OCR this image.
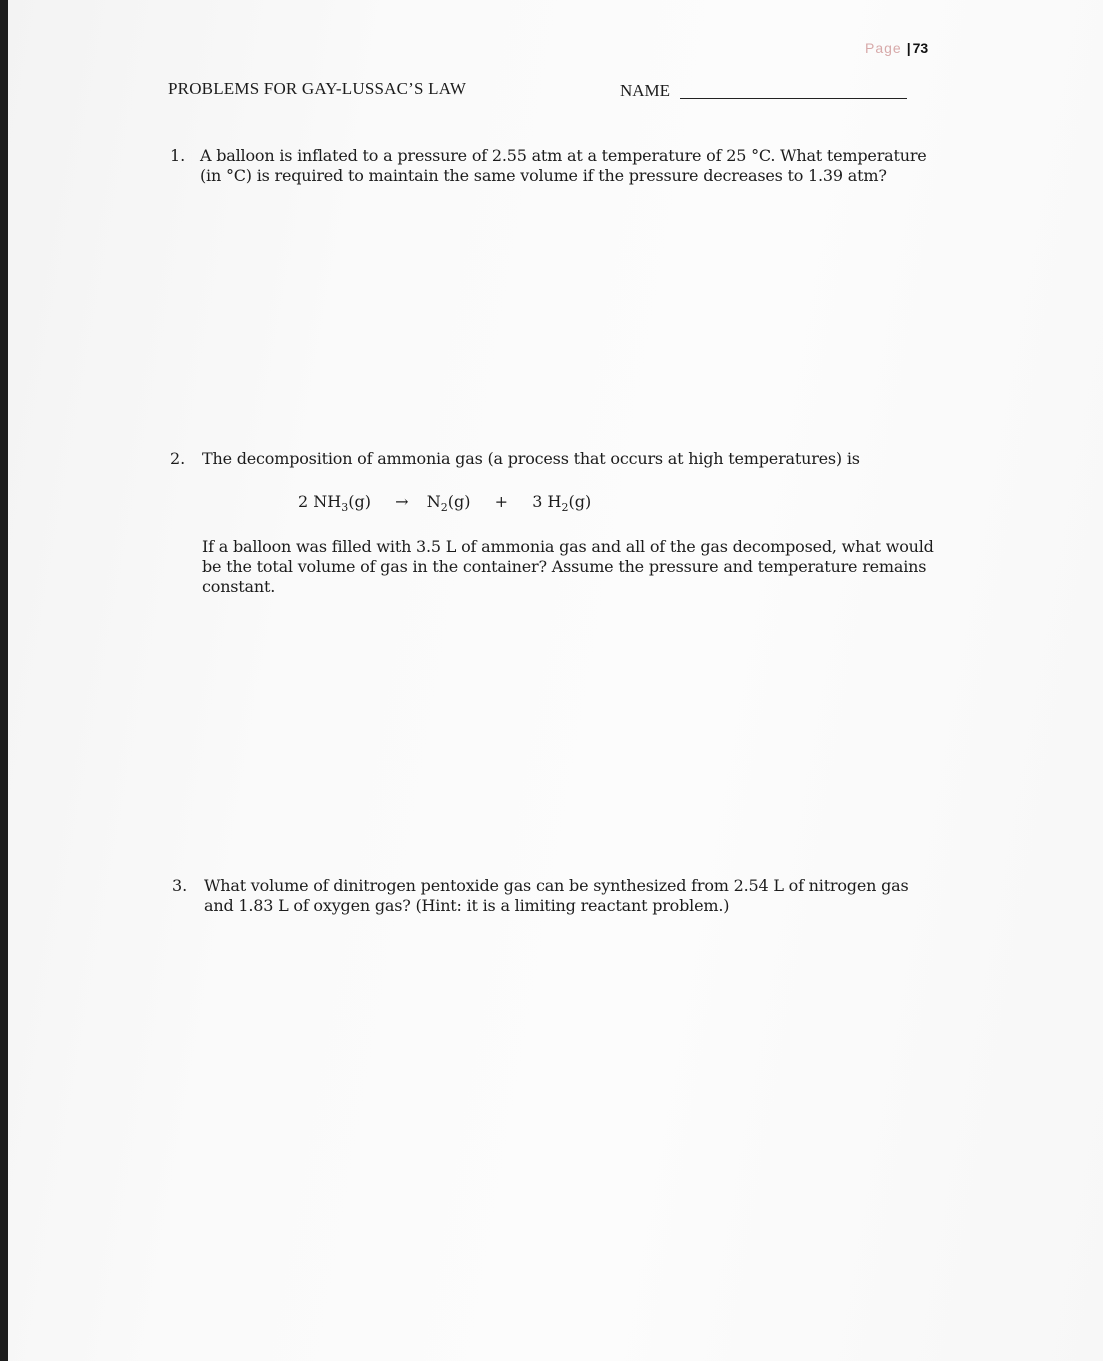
Page | 73
PROBLEMS FOR GAY-LUSSAC’S LAW	NAME
1. A balloon is inflated to a pressure of 2.55 atm at a temperature of 25 °C. What temperature
(in °C) is required to maintain the same volume if the pressure decreases to 1.39 atm?
2. The decomposition of ammonia gas (a process that occurs at high temperatures) is
2 $NH_3(g) \to N_2(g) + 3$ $H_2(g)$
If a balloon was filled with 3.5 L of ammonia gas and all of the gas decomposed, what would
be the total volume of gas in the container? Assume the pressure and temperature remains
constant.
3. What volume of dinitrogen pentoxide gas can be synthesized from 2.54 L of nitrogen gas
and 1.83 L of oxygen gas? (Hint: it is a limiting reactant problem.)
